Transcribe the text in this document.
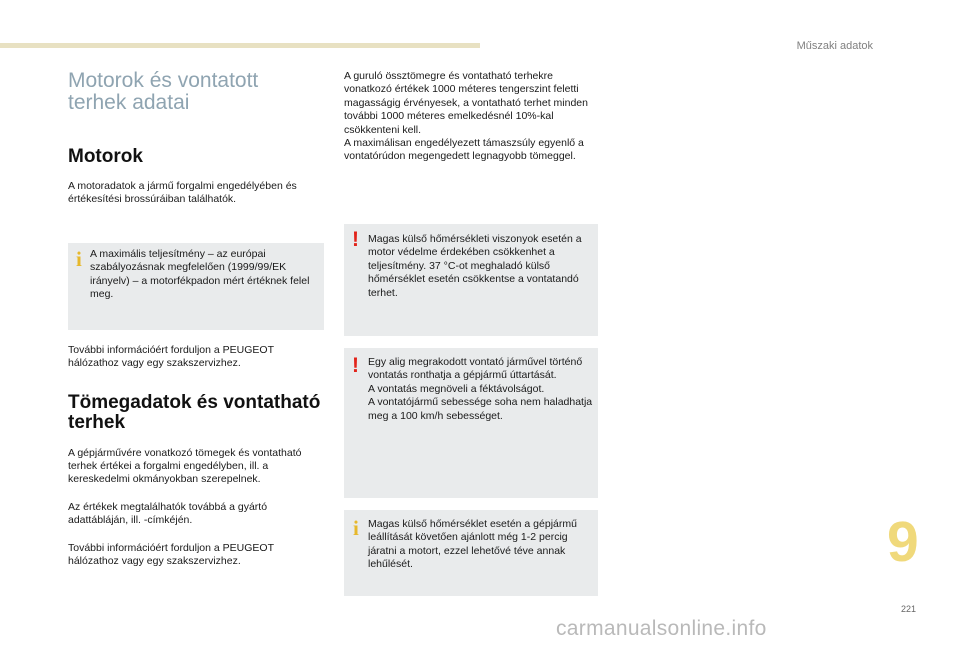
Műszaki adatok
Motorok és vontatott
terhek adatai
Motorok
A motoradatok a jármű forgalmi engedélyében és értékesítési brossúráiban találhatók.
i A maximális teljesítmény – az európai szabályozásnak megfelelően (1999/99/EK irányelv) – a motorfékpadon mért értéknek felel meg.
További információért forduljon a PEUGEOT hálózathoz vagy egy szakszervizhez.
Tömegadatok és vontatható
terhek
A gépjárművére vonatkozó tömegek és vontatható terhek értékei a forgalmi engedélyben, ill. a kereskedelmi okmányokban szerepelnek.
Az értékek megtalálhatók továbbá a gyártó adattábláján, ill. -címkéjén.
További információért forduljon a PEUGEOT hálózathoz vagy egy szakszervizhez.
A guruló össztömegre és vontatható terhekre vonatkozó értékek 1000 méteres tengerszint feletti magasságig érvényesek, a vontatható terhet minden további 1000 méteres emelkedésnél 10%-kal csökkenteni kell.
A maximálisan engedélyezett támaszsúly egyenlő a vontatórúdon megengedett legnagyobb tömeggel.
! Magas külső hőmérsékleti viszonyok esetén a motor védelme érdekében csökkenhet a teljesítmény. 37 °C-ot meghaladó külső hőmérséklet esetén csökkentse a vontatandó terhet.
! Egy alig megrakodott vontató járművel történő vontatás ronthatja a gépjármű úttartását.
A vontatás megnöveli a féktávolságot.
A vontatójármű sebessége soha nem haladhatja meg a 100 km/h sebességet.
i Magas külső hőmérséklet esetén a gépjármű leállítását követően ajánlott még 1-2 percig járatni a motort, ezzel lehetővé téve annak lehűlését.	9
221
carmanualsonline.info
